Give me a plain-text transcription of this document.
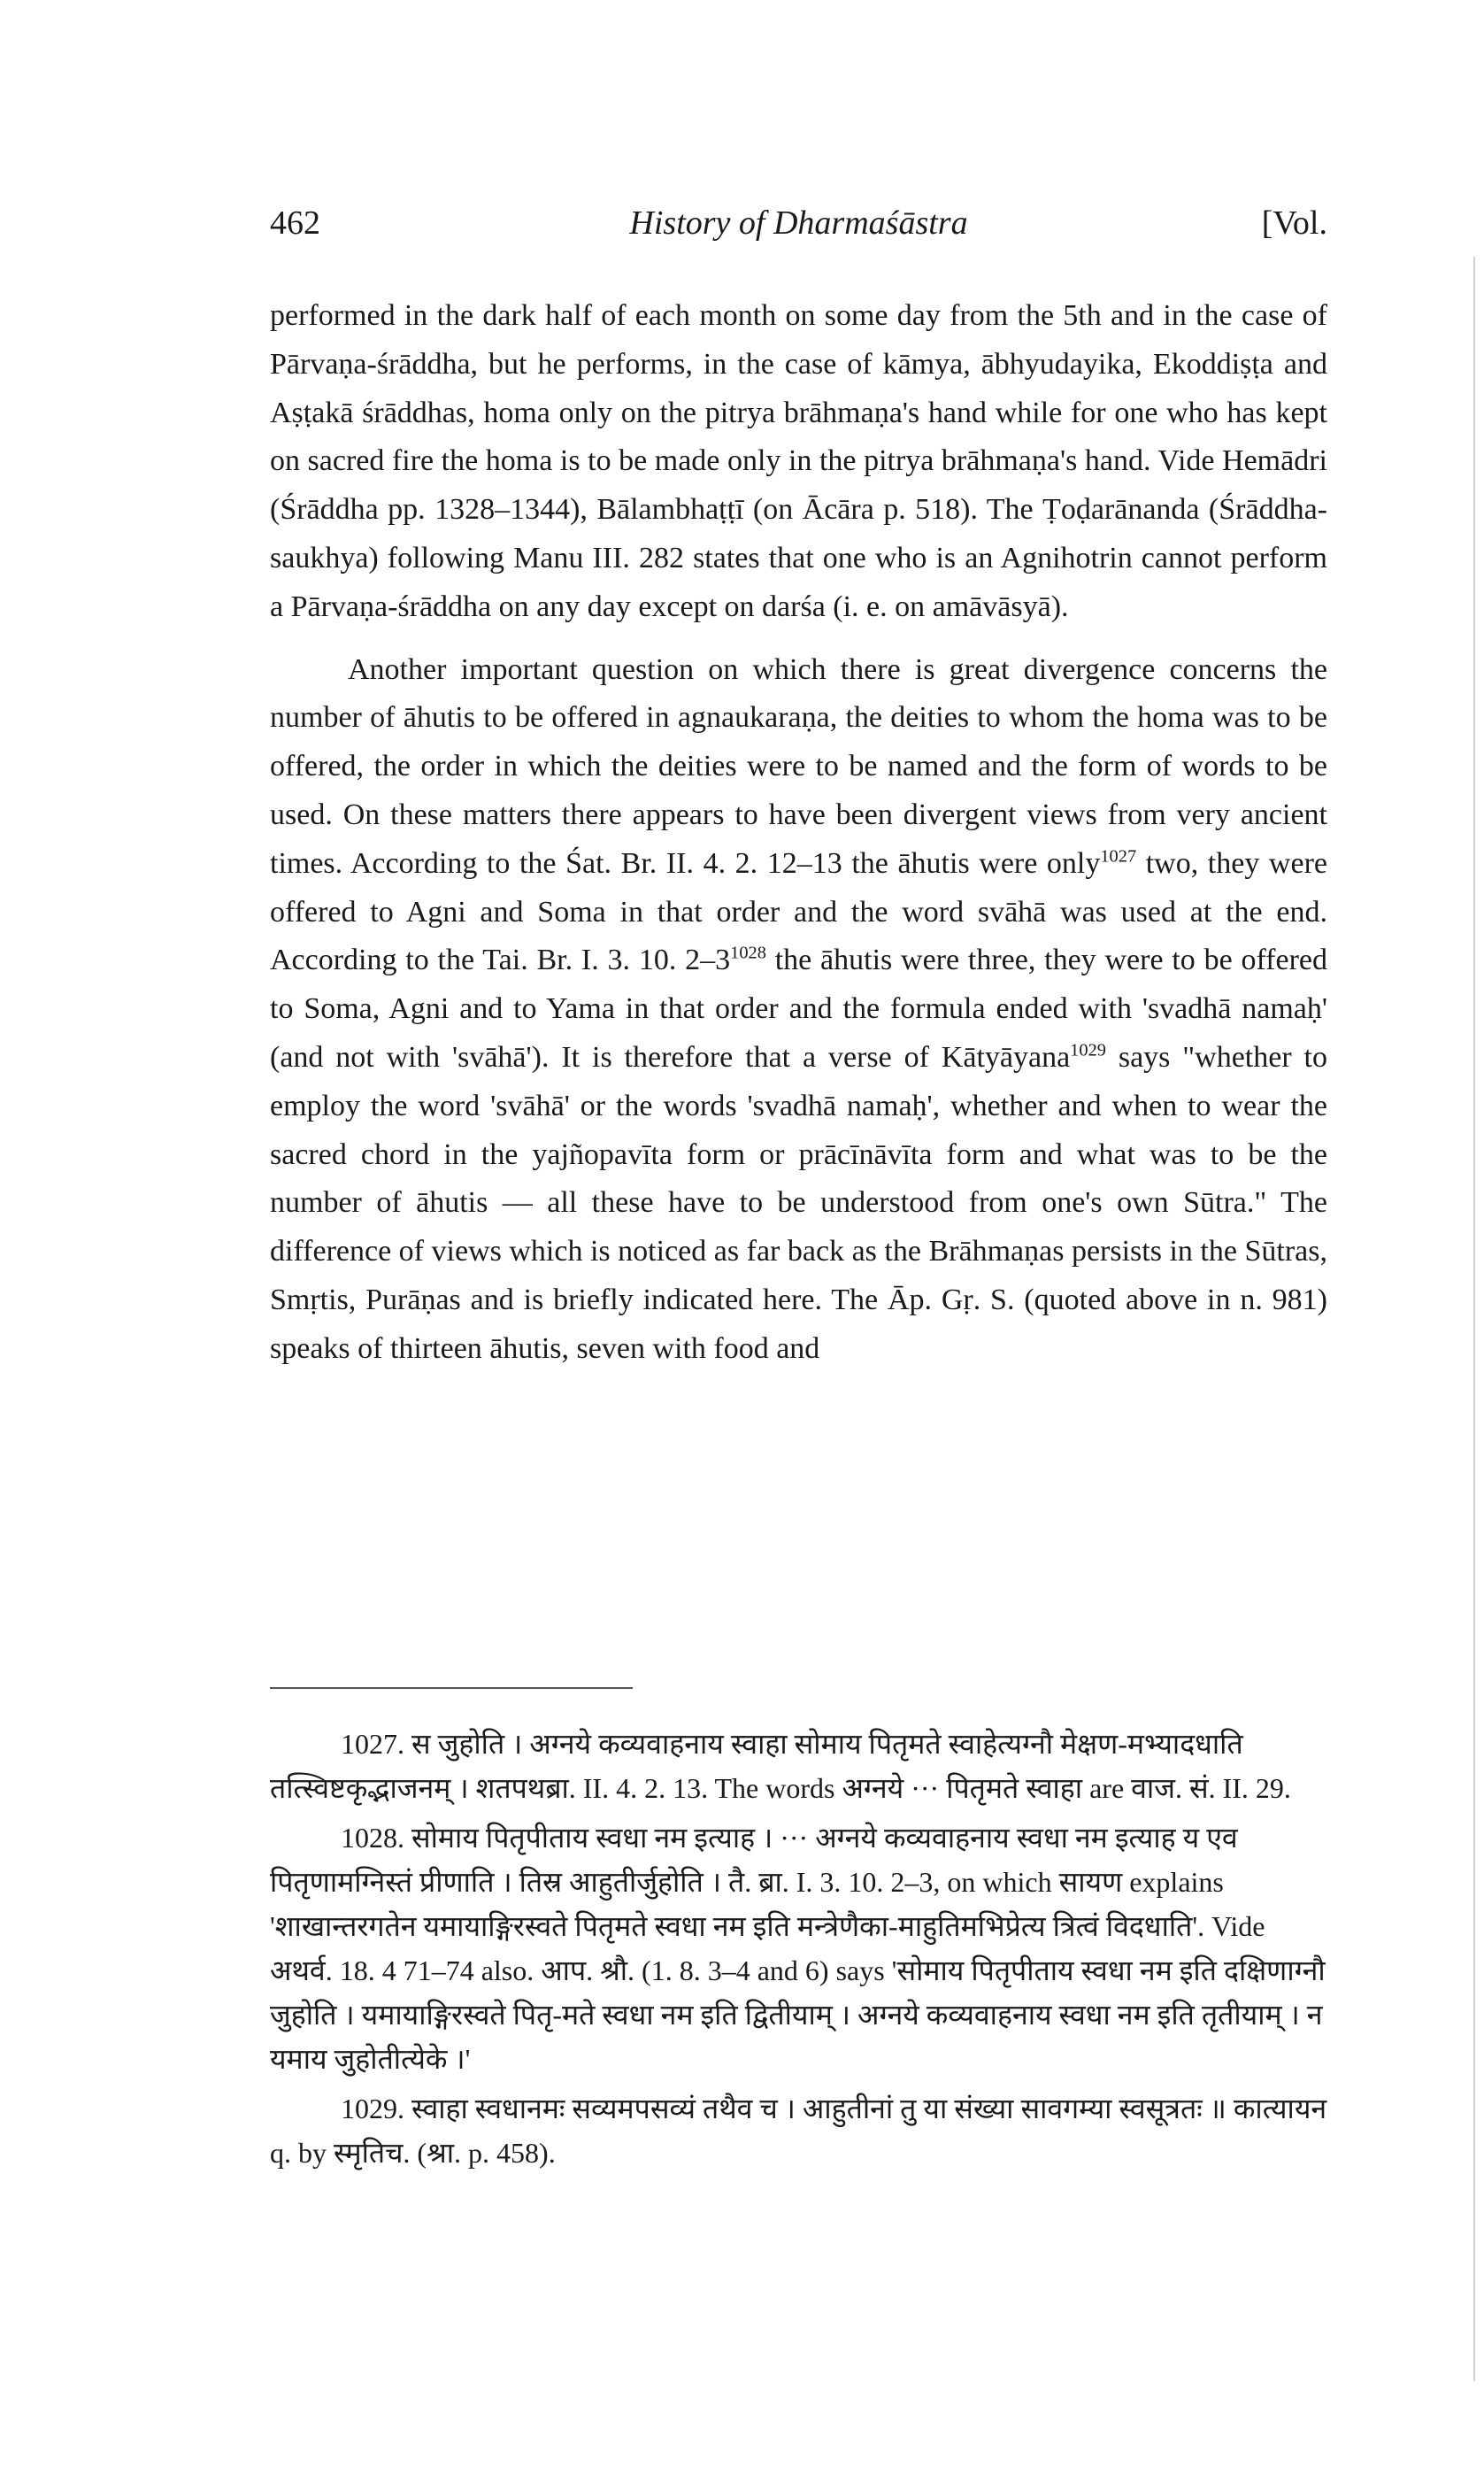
462	History of Dharmaśāstra	[Vol.

performed in the dark half of each month on some day from the 5th and in the case of Pārvaṇa-śrāddha, but he performs, in the case of kāmya, ābhyudayika, Ekoddiṣṭa and Aṣṭakā śrāddhas, homa only on the pitrya brāhmaṇa's hand while for one who has kept on sacred fire the homa is to be made only in the pitrya brāhmaṇa's hand. Vide Hemādri (Śrāddha pp. 1328–1344), Bālambhaṭṭī (on Ācāra p. 518). The Ṭoḍarānanda (Śrāddha-saukhya) following Manu III. 282 states that one who is an Agnihotrin cannot perform a Pārvaṇa-śrāddha on any day except on darśa (i. e. on amāvāsyā).

Another important question on which there is great divergence concerns the number of āhutis to be offered in agnaukaraṇa, the deities to whom the homa was to be offered, the order in which the deities were to be named and the form of words to be used. On these matters there appears to have been divergent views from very ancient times. According to the Śat. Br. II. 4. 2. 12–13 the āhutis were only$^{1027}$ two, they were offered to Agni and Soma in that order and the word svāhā was used at the end. According to the Tai. Br. I. 3. 10. $2-3^{1028}$ the āhutis were three, they were to be offered to Soma, Agni and to Yama in that order and the formula ended with 'svadhā namaḥ' (and not with 'svāhā'). It is therefore that a verse of Kātyāyana$^{1029}$ says "whether to employ the word 'svāhā' or the words 'svadhā namaḥ', whether and when to wear the sacred chord in the yajñopavīta form or prācīnāvīta form and what was to be the number of āhutis — all these have to be understood from one's own Sūtra." The difference of views which is noticed as far back as the Brāhmaṇas persists in the Sūtras, Smṛtis, Purāṇas and is briefly indicated here. The Āp. Gṛ. S. (quoted above in n. 981) speaks of thirteen āhutis, seven with food and

1027. स जुहोति । अग्नये कव्यवाहनाय स्वाहा सोमाय पितृमते स्वाहेत्यग्नौ मेक्षण-मभ्यादधाति तत्स्विष्टकृद्भाजनम् । शतपथब्रा. II. 4. 2. 13. The words अग्नये ··· पितृमते स्वाहा are वाज. सं. II. 29.

1028. सोमाय पितृपीताय स्वधा नम इत्याह । ··· अग्नये कव्यवाहनाय स्वधा नम इत्याह य एव पितृणामग्निस्तं प्रीणाति । तिस्र आहुतीर्जुहोति । तै. ब्रा. I. 3. 10. 2–3, on which सायण explains 'शाखान्तरगतेन यमायाङ्गिरस्वते पितृमते स्वधा नम इति मन्त्रेणैका-माहुतिमभिप्रेत्य त्रित्वं विदधाति'. Vide अथर्व. 18. 4 71–74 also. आप. श्रौ. (1. 8. 3–4 and 6) says 'सोमाय पितृपीताय स्वधा नम इति दक्षिणाग्नौ जुहोति । यमायाङ्गिरस्वते पितृ-मते स्वधा नम इति द्वितीयाम् । अग्नये कव्यवाहनाय स्वधा नम इति तृतीयाम् । न यमाय जुहोतीत्येके ।'

1029. स्वाहा स्वधानमः सव्यमपसव्यं तथैव च । आहुतीनां तु या संख्या सावगम्या स्वसूत्रतः ॥ कात्यायन q. by स्मृतिच. (श्रा. p. 458).
